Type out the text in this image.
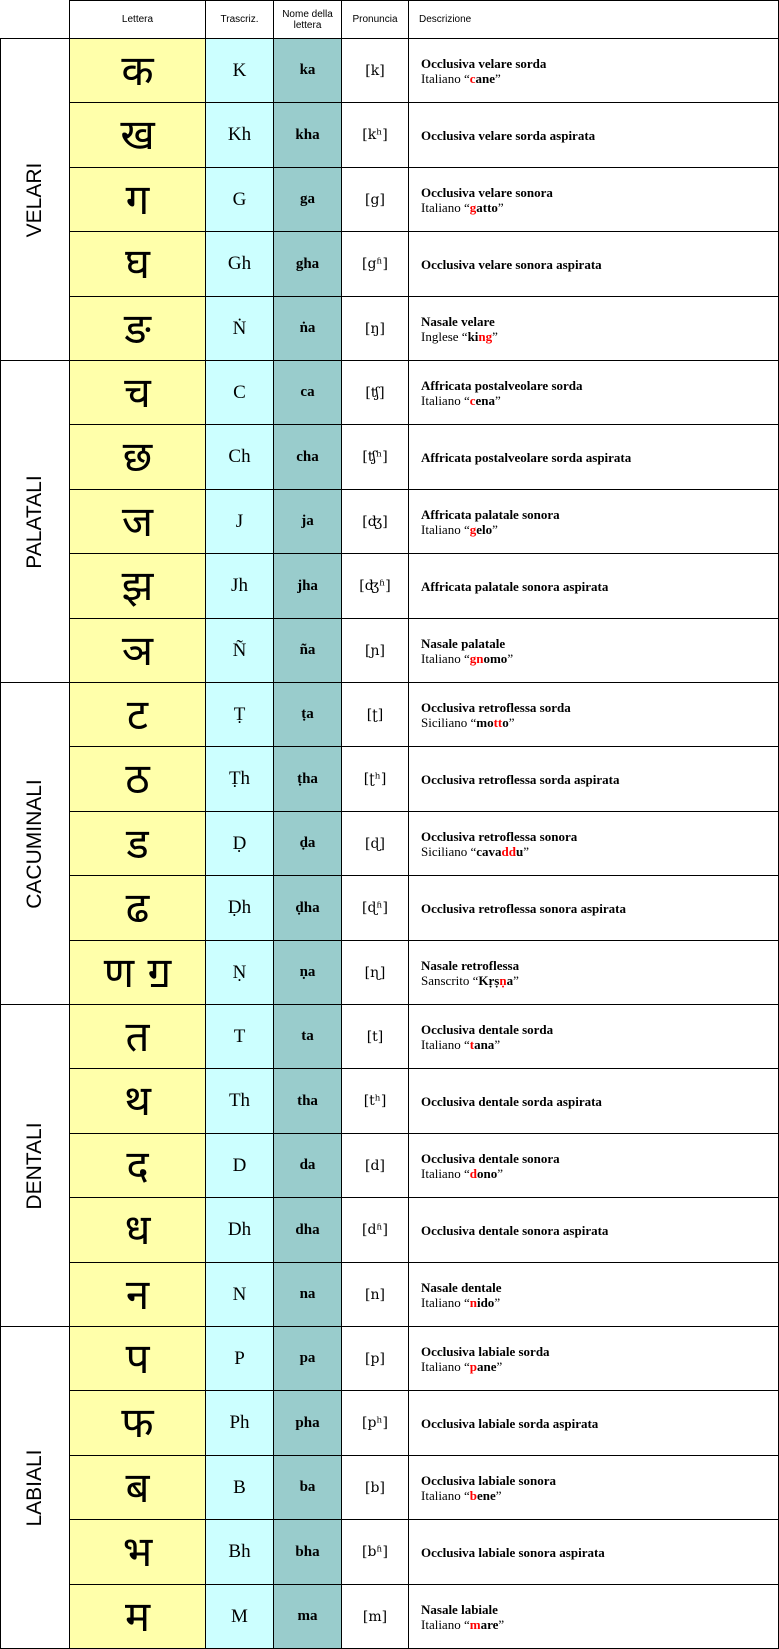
Lettera	Trascriz.	Nome della lettera	Pronuncia	Descrizione
VELARI
क	K	ka	[k]	Occlusiva velare sorda
Italiano “cane”
ख	Kh	kha	[kʰ]	Occlusiva velare sorda aspirata
ग	G	ga	[g]	Occlusiva velare sonora
Italiano “gatto”
घ	Gh	gha	[gʱ]	Occlusiva velare sonora aspirata
ङ	Ṅ	ṅa	[ŋ]	Nasale velare
Inglese “king”
PALATALI
च	C	ca	[ʧ]	Affricata postalveolare sorda
Italiano “cena”
छ	Ch	cha	[ʧʰ]	Affricata postalveolare sorda aspirata
ज	J	ja	[ʤ]	Affricata palatale sonora
Italiano “gelo”
झ	Jh	jha	[ʤʱ]	Affricata palatale sonora aspirata
ञ	Ñ	ña	[ɲ]	Nasale palatale
Italiano “gnomo”
CACUMINALI
ट	Ṭ	ṭa	[ʈ]	Occlusiva retroflessa sorda
Siciliano “motto”
ठ	Ṭh	ṭha	[ʈʰ]	Occlusiva retroflessa sorda aspirata
ड	Ḍ	ḍa	[ɖ]	Occlusiva retroflessa sonora
Siciliano “cavaddu”
ढ	Ḍh	ḍha	[ɖʱ]	Occlusiva retroflessa sonora aspirata
ण ॻ	Ṇ	ṇa	[ɳ]	Nasale retroflessa
Sanscrito “Kṛṣṇa”
DENTALI
त	T	ta	[t]	Occlusiva dentale sorda
Italiano “tana”
थ	Th	tha	[tʰ]	Occlusiva dentale sorda aspirata
द	D	da	[d]	Occlusiva dentale sonora
Italiano “dono”
ध	Dh	dha	[dʱ]	Occlusiva dentale sonora aspirata
न	N	na	[n]	Nasale dentale
Italiano “nido”
LABIALI
प	P	pa	[p]	Occlusiva labiale sorda
Italiano “pane”
फ	Ph	pha	[pʰ]	Occlusiva labiale sorda aspirata
ब	B	ba	[b]	Occlusiva labiale sonora
Italiano “bene”
भ	Bh	bha	[bʱ]	Occlusiva labiale sonora aspirata
म	M	ma	[m]	Nasale labiale
Italiano “mare”
